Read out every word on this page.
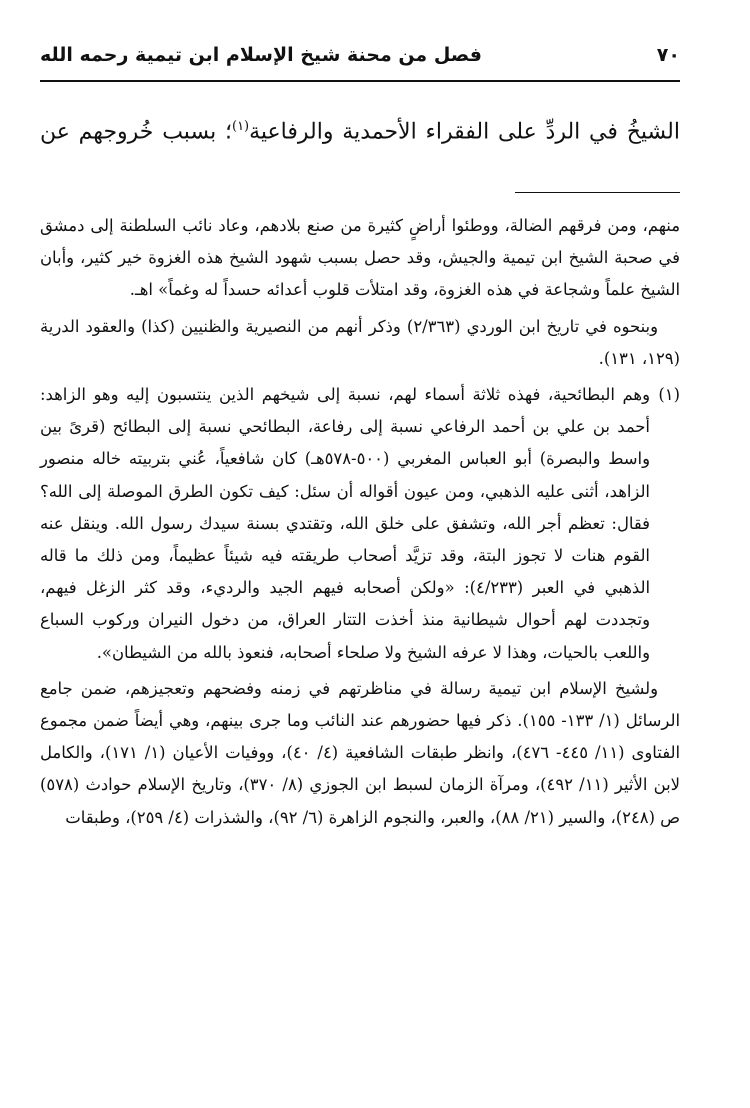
٧٠
فصل من محنة شيخ الإسلام ابن تيمية رحمه الله
الشيخُ في الردِّ على الفقراء الأحمدية والرفاعية$^{(١)}$؛ بسبب خُروجهم عن

منهم، ومن فرقهم الضالة، ووطئوا أراضٍ كثيرة من صنع بلادهم، وعاد نائب السلطنة إلى دمشق في صحبة الشيخ ابن تيمية والجيش، وقد حصل بسبب شهود الشيخ هذه الغزوة خير كثير، وأبان الشيخ علماً وشجاعة في هذه الغزوة، وقد امتلأت قلوب أعدائه حسداً له وغماً» اهـ.

وبنحوه في تاريخ ابن الوردي (٢/٣٦٣) وذكر أنهم من النصيرية والظنيين (كذا) والعقود الدرية (١٢٩، ١٣١).

(١)
وهم البطائحية، فهذه ثلاثة أسماء لهم، نسبة إلى شيخهم الذين ينتسبون إليه وهو الزاهد: أحمد بن علي بن أحمد الرفاعي نسبة إلى رفاعة، البطائحي نسبة إلى البطائح (قرىً بين واسط والبصرة) أبو العباس المغربي (٥٠٠-٥٧٨هـ) كان شافعياً، عُني بتربيته خاله منصور الزاهد، أثنى عليه الذهبي، ومن عيون أقواله أن سئل: كيف تكون الطرق الموصلة إلى الله؟ فقال: تعظم أجر الله، وتشفق على خلق الله، وتقتدي بسنة سيدك رسول الله. وينقل عنه القوم هنات لا تجوز البتة، وقد تزيَّد أصحاب طريقته فيه شيئاً عظيماً، ومن ذلك ما قاله الذهبي في العبر (٤/٢٣٣): «ولكن أصحابه فيهم الجيد والرديء، وقد كثر الزغل فيهم، وتجددت لهم أحوال شيطانية منذ أخذت التتار العراق، من دخول النيران وركوب السباع واللعب بالحيات، وهذا لا عرفه الشيخ ولا صلحاء أصحابه، فنعوذ بالله من الشيطان».

ولشيخ الإسلام ابن تيمية رسالة في مناظرتهم في زمنه وفضحهم وتعجيزهم، ضمن جامع الرسائل (١/ ١٣٣- ١٥٥). ذكر فيها حضورهم عند النائب وما جرى بينهم، وهي أيضاً ضمن مجموع الفتاوى (١١/ ٤٤٥- ٤٧٦)، وانظر طبقات الشافعية (٤/ ٤٠)، ووفيات الأعيان (١/ ١٧١)، والكامل لابن الأثير (١١/ ٤٩٢)، ومرآة الزمان لسبط ابن الجوزي (٨/ ٣٧٠)، وتاريخ الإسلام حوادث (٥٧٨) ص (٢٤٨)، والسير (٢١/ ٨٨)، والعبر، والنجوم الزاهرة (٦/ ٩٢)، والشذرات (٤/ ٢٥٩)، وطبقات
